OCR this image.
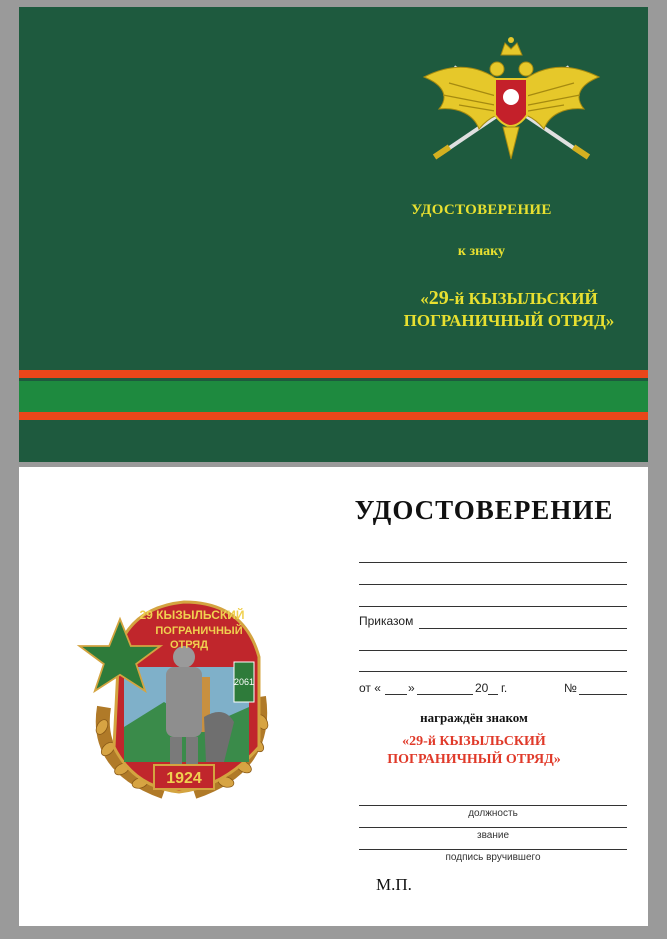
УДОСТОВЕРЕНИЕ
к знаку
«29-й КЫЗЫЛЬСКИЙ
ПОГРАНИЧНЫЙ ОТРЯД»
УДОСТОВЕРЕНИЕ
2061
29 КЫЗЫЛЬСКИЙ
ПОГРАНИЧНЫЙ
ОТРЯД
1924
Приказом
от « »	20 г.	№
награждён знаком
«29-й КЫЗЫЛЬСКИЙ
ПОГРАНИЧНЫЙ ОТРЯД»
должность
звание
подпись вручившего
М.П.
